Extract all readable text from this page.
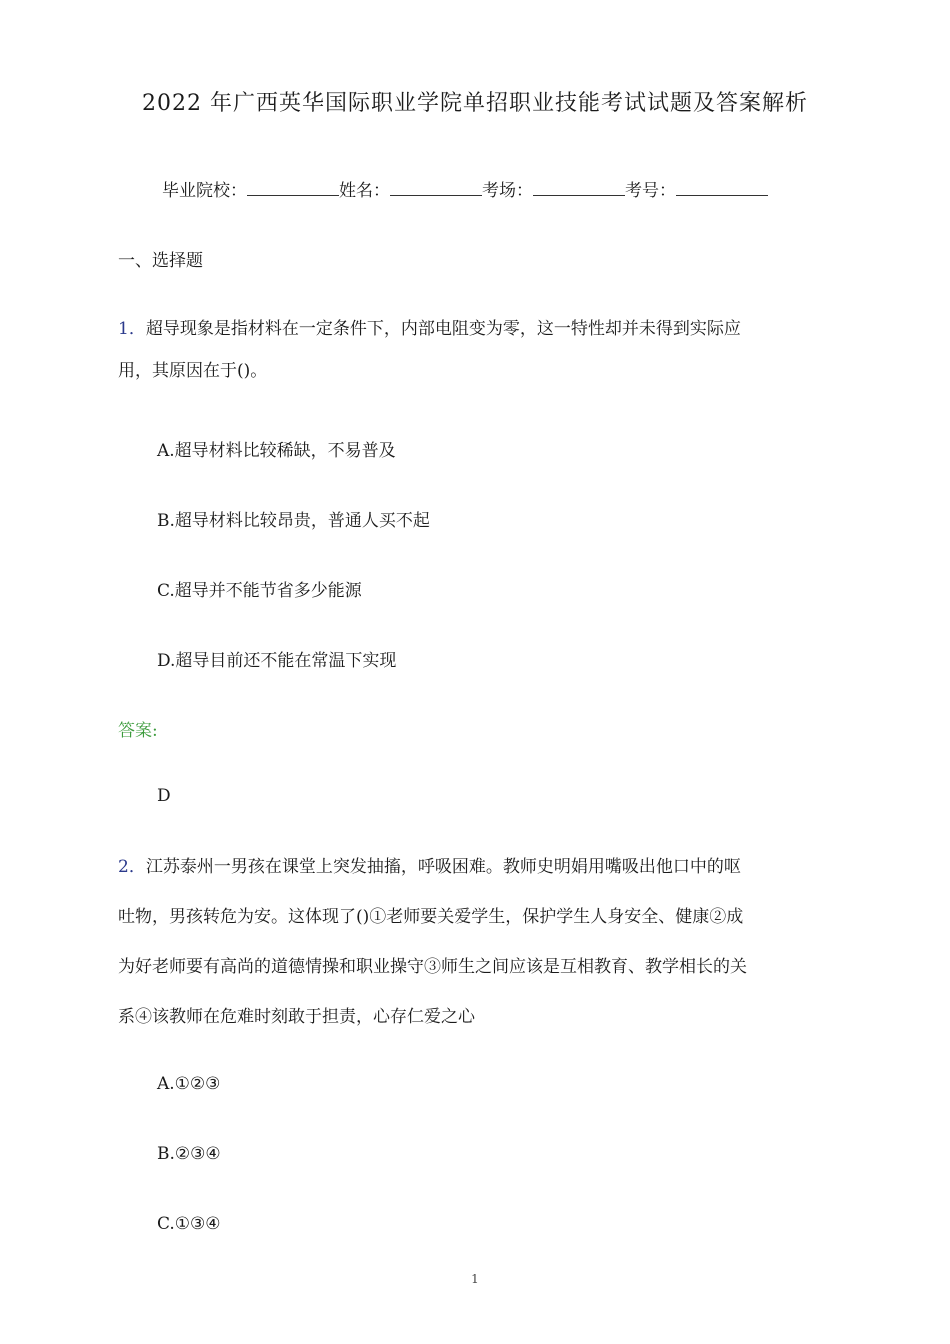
2022 年广西英华国际职业学院单招职业技能考试试题及答案解析
毕业院校：	姓名：	考场：	考号：
一、选择题
1．超导现象是指材料在一定条件下，内部电阻变为零，这一特性却并未得到实际应
用，其原因在于()。
A.超导材料比较稀缺，不易普及
B.超导材料比较昂贵，普通人买不起
C.超导并不能节省多少能源
D.超导目前还不能在常温下实现
答案:
D
2．江苏泰州一男孩在课堂上突发抽搐，呼吸困难。教师史明娟用嘴吸出他口中的呕
吐物，男孩转危为安。这体现了()①老师要关爱学生，保护学生人身安全、健康②成
为好老师要有高尚的道德情操和职业操守③师生之间应该是互相教育、教学相长的关
系④该教师在危难时刻敢于担责，心存仁爱之心
A.①②③
B.②③④
C.①③④
1
